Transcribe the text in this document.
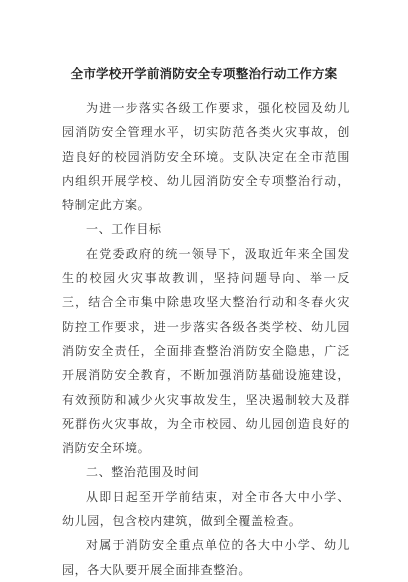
全市学校开学前消防安全专项整治行动工作方案

为进一步落实各级工作要求，强化校园及幼儿园消防安全管理水平，切实防范各类火灾事故，创造良好的校园消防安全环境。支队决定在全市范围内组织开展学校、幼儿园消防安全专项整治行动，特制定此方案。

一、工作目标

在党委政府的统一领导下，汲取近年来全国发生的校园火灾事故教训，坚持问题导向、举一反三，结合全市集中除患攻坚大整治行动和冬春火灾防控工作要求，进一步落实各级各类学校、幼儿园消防安全责任，全面排查整治消防安全隐患，广泛开展消防安全教育，不断加强消防基础设施建设，有效预防和减少火灾事故发生，坚决遏制较大及群死群伤火灾事故，为全市校园、幼儿园创造良好的消防安全环境。

二、整治范围及时间

从即日起至开学前结束，对全市各大中小学、幼儿园，包含校内建筑，做到全覆盖检查。

对属于消防安全重点单位的各大中小学、幼儿园，各大队要开展全面排查整治。
